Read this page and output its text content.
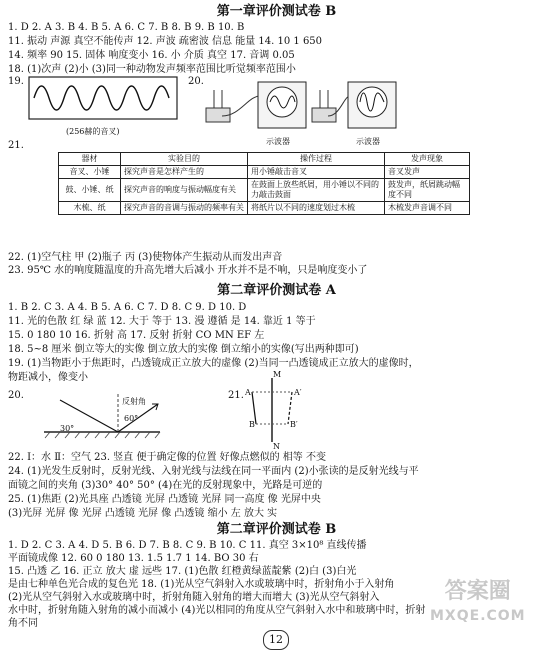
第一章评价测试卷 B
1. D 2. A 3. B 4. B 5. A 6. C 7. B 8. B 9. B 10. B
11. 振动 声源 真空不能传声 12. 声波 疏密波 信息 能量 14. 10 1 650
14. 频率 90 15. 固体 响度变小 16. 小 介质 真空 17. 音调 0.05
18. (1)次声 (2)小 (3)同一种动物发声频率范围比听觉频率范围小
19.
(256赫的音叉)
20.
示波器	示波器
21.
器材	实验目的	操作过程	发声现象
音叉、小锤	探究声音是怎样产生的	用小锤敲击音叉	音叉发声
鼓、小锤、纸	探究声音的响度与振动幅度有关	在鼓面上放些纸屑，用小锤以不同的力敲击鼓面	鼓发声，纸屑跳动幅度不同
木梳、纸	探究声音的音调与振动的频率有关	将纸片以不同的速度划过木梳	木梳发声音调不同
22. (1)空气柱 甲 (2)瓶子 丙 (3)使物体产生振动从而发出声音
23. 95℃ 水的响度随温度的升高先增大后减小 开水并不是不响，只是响度变小了
第二章评价测试卷 A
1. B 2. C 3. A 4. B 5. A 6. C 7. D 8. C 9. D 10. D
11. 光的色散 红 绿 蓝 12. 大于 等于 13. 漫 遵循 是 14. 靠近 1 等于
15. 0 180 10 16. 折射 高 17. 反射 折射 CO MN EF 左
18. 5~8 厘米 倒立等大的实像 倒立放大的实像 倒立缩小的实像(写出两种即可)
19. (1)当物距小于焦距时，凸透镜成正立放大的虚像 (2)当同一凸透镜成正立放大的虚像时，
物距减小，像变小
20.
反射角
60°
30°
21.
M
A	A′
B	B′
N
22. Ⅰ：水 Ⅱ：空气 23. 竖直 便于确定像的位置 好像点燃似的 相等 不变
24. (1)光发生反射时，反射光线、入射光线与法线在同一平面内 (2)小张读的是反射光线与平
面镜之间的夹角 (3)30° 40° 50° (4)在光的反射现象中，光路是可逆的
25. (1)焦距 (2)光具座 凸透镜 光屏 凸透镜 光屏 同一高度 像 光屏中央
(3)光屏 光屏 像 光屏 凸透镜 光屏 像 凸透镜 缩小 左 放大 实
第二章评价测试卷 B
1. D 2. C 3. A 4. D 5. B 6. D 7. B 8. C 9. B 10. C 11. 真空 3×10⁸ 直线传播
平面镜成像 12. 60 0 180 13. 1.5 1.7 1 14. BO 30 右
15. 凸透 乙 16. 正立 放大 虚 远些 17. (1)色散 红橙黄绿蓝靛紫 (2)白 (3)白光
是由七种单色光合成的复色光 18. (1)光从空气斜射入水或玻璃中时，折射角小于入射角
(2)光从空气斜射入水或玻璃中时，折射角随入射角的增大而增大 (3)光从空气斜射入
水中时，折射角随入射角的减小而减小 (4)光以相同的角度从空气斜射入水中和玻璃中时，折射
角不同
12
答案圈
MXQE.COM
